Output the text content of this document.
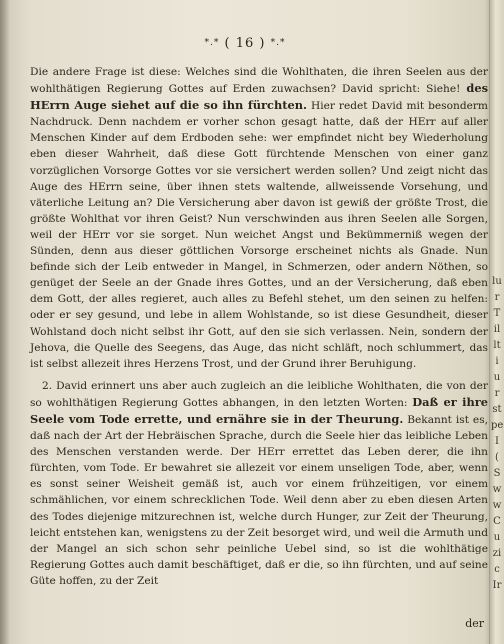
lu
r
T
il
lt
i
u
r
st
pe
I
(
S
w
w
C
u
zi
c
Ir
*.* ( 16 ) *.*

Die andere Frage ist diese: Welches sind die Wohlthaten, die ihren Seelen aus der wohlthätigen Regierung Gottes auf Erden zuwachsen? David spricht: Siehe! des HErrn Auge siehet auf die so ihn fürchten. Hier redet David mit besonderm Nachdruck. Denn nachdem er vorher schon gesagt hatte, daß der HErr auf aller Menschen Kinder auf dem Erdboden sehe: wer empfindet nicht bey Wiederholung eben dieser Wahrheit, daß diese Gott fürchtende Menschen von einer ganz vorzüglichen Vorsorge Gottes vor sie versichert werden sollen? Und zeigt nicht das Auge des HErrn seine, über ihnen stets waltende, allweissende Vorsehung, und väterliche Leitung an? Die Versicherung aber davon ist gewiß der größte Trost, die größte Wohlthat vor ihren Geist? Nun verschwinden aus ihren Seelen alle Sorgen, weil der HErr vor sie sorget. Nun weichet Angst und Bekümmerniß wegen der Sünden, denn aus dieser göttlichen Vorsorge erscheinet nichts als Gnade. Nun befinde sich der Leib entweder in Mangel, in Schmerzen, oder andern Nöthen, so genüget der Seele an der Gnade ihres Gottes, und an der Versicherung, daß eben dem Gott, der alles regieret, auch alles zu Befehl stehet, um den seinen zu helfen: oder er sey gesund, und lebe in allem Wohlstande, so ist diese Gesundheit, dieser Wohlstand doch nicht selbst ihr Gott, auf den sie sich verlassen. Nein, sondern der Jehova, die Quelle des Seegens, das Auge, das nicht schläft, noch schlummert, das ist selbst allezeit ihres Herzens Trost, und der Grund ihrer Beruhigung.

2. David erinnert uns aber auch zugleich an die leibliche Wohlthaten, die von der so wohlthätigen Regierung Gottes abhangen, in den letzten Worten: Daß er ihre Seele vom Tode errette, und ernähre sie in der Theurung. Bekannt ist es, daß nach der Art der Hebräischen Sprache, durch die Seele hier das leibliche Leben des Menschen verstanden werde. Der HErr errettet das Leben derer, die ihn fürchten, vom Tode. Er bewahret sie allezeit vor einem unseligen Tode, aber, wenn es sonst seiner Weisheit gemäß ist, auch vor einem frühzeitigen, vor einem schmählichen, vor einem schrecklichen Tode. Weil denn aber zu eben diesen Arten des Todes diejenige mitzurechnen ist, welche durch Hunger, zur Zeit der Theurung, leicht entstehen kan, wenigstens zu der Zeit besorget wird, und weil die Armuth und der Mangel an sich schon sehr peinliche Uebel sind, so ist die wohlthätige Regierung Gottes auch damit beschäftiget, daß er die, so ihn fürchten, und auf seine Güte hoffen, zu der Zeit

der
